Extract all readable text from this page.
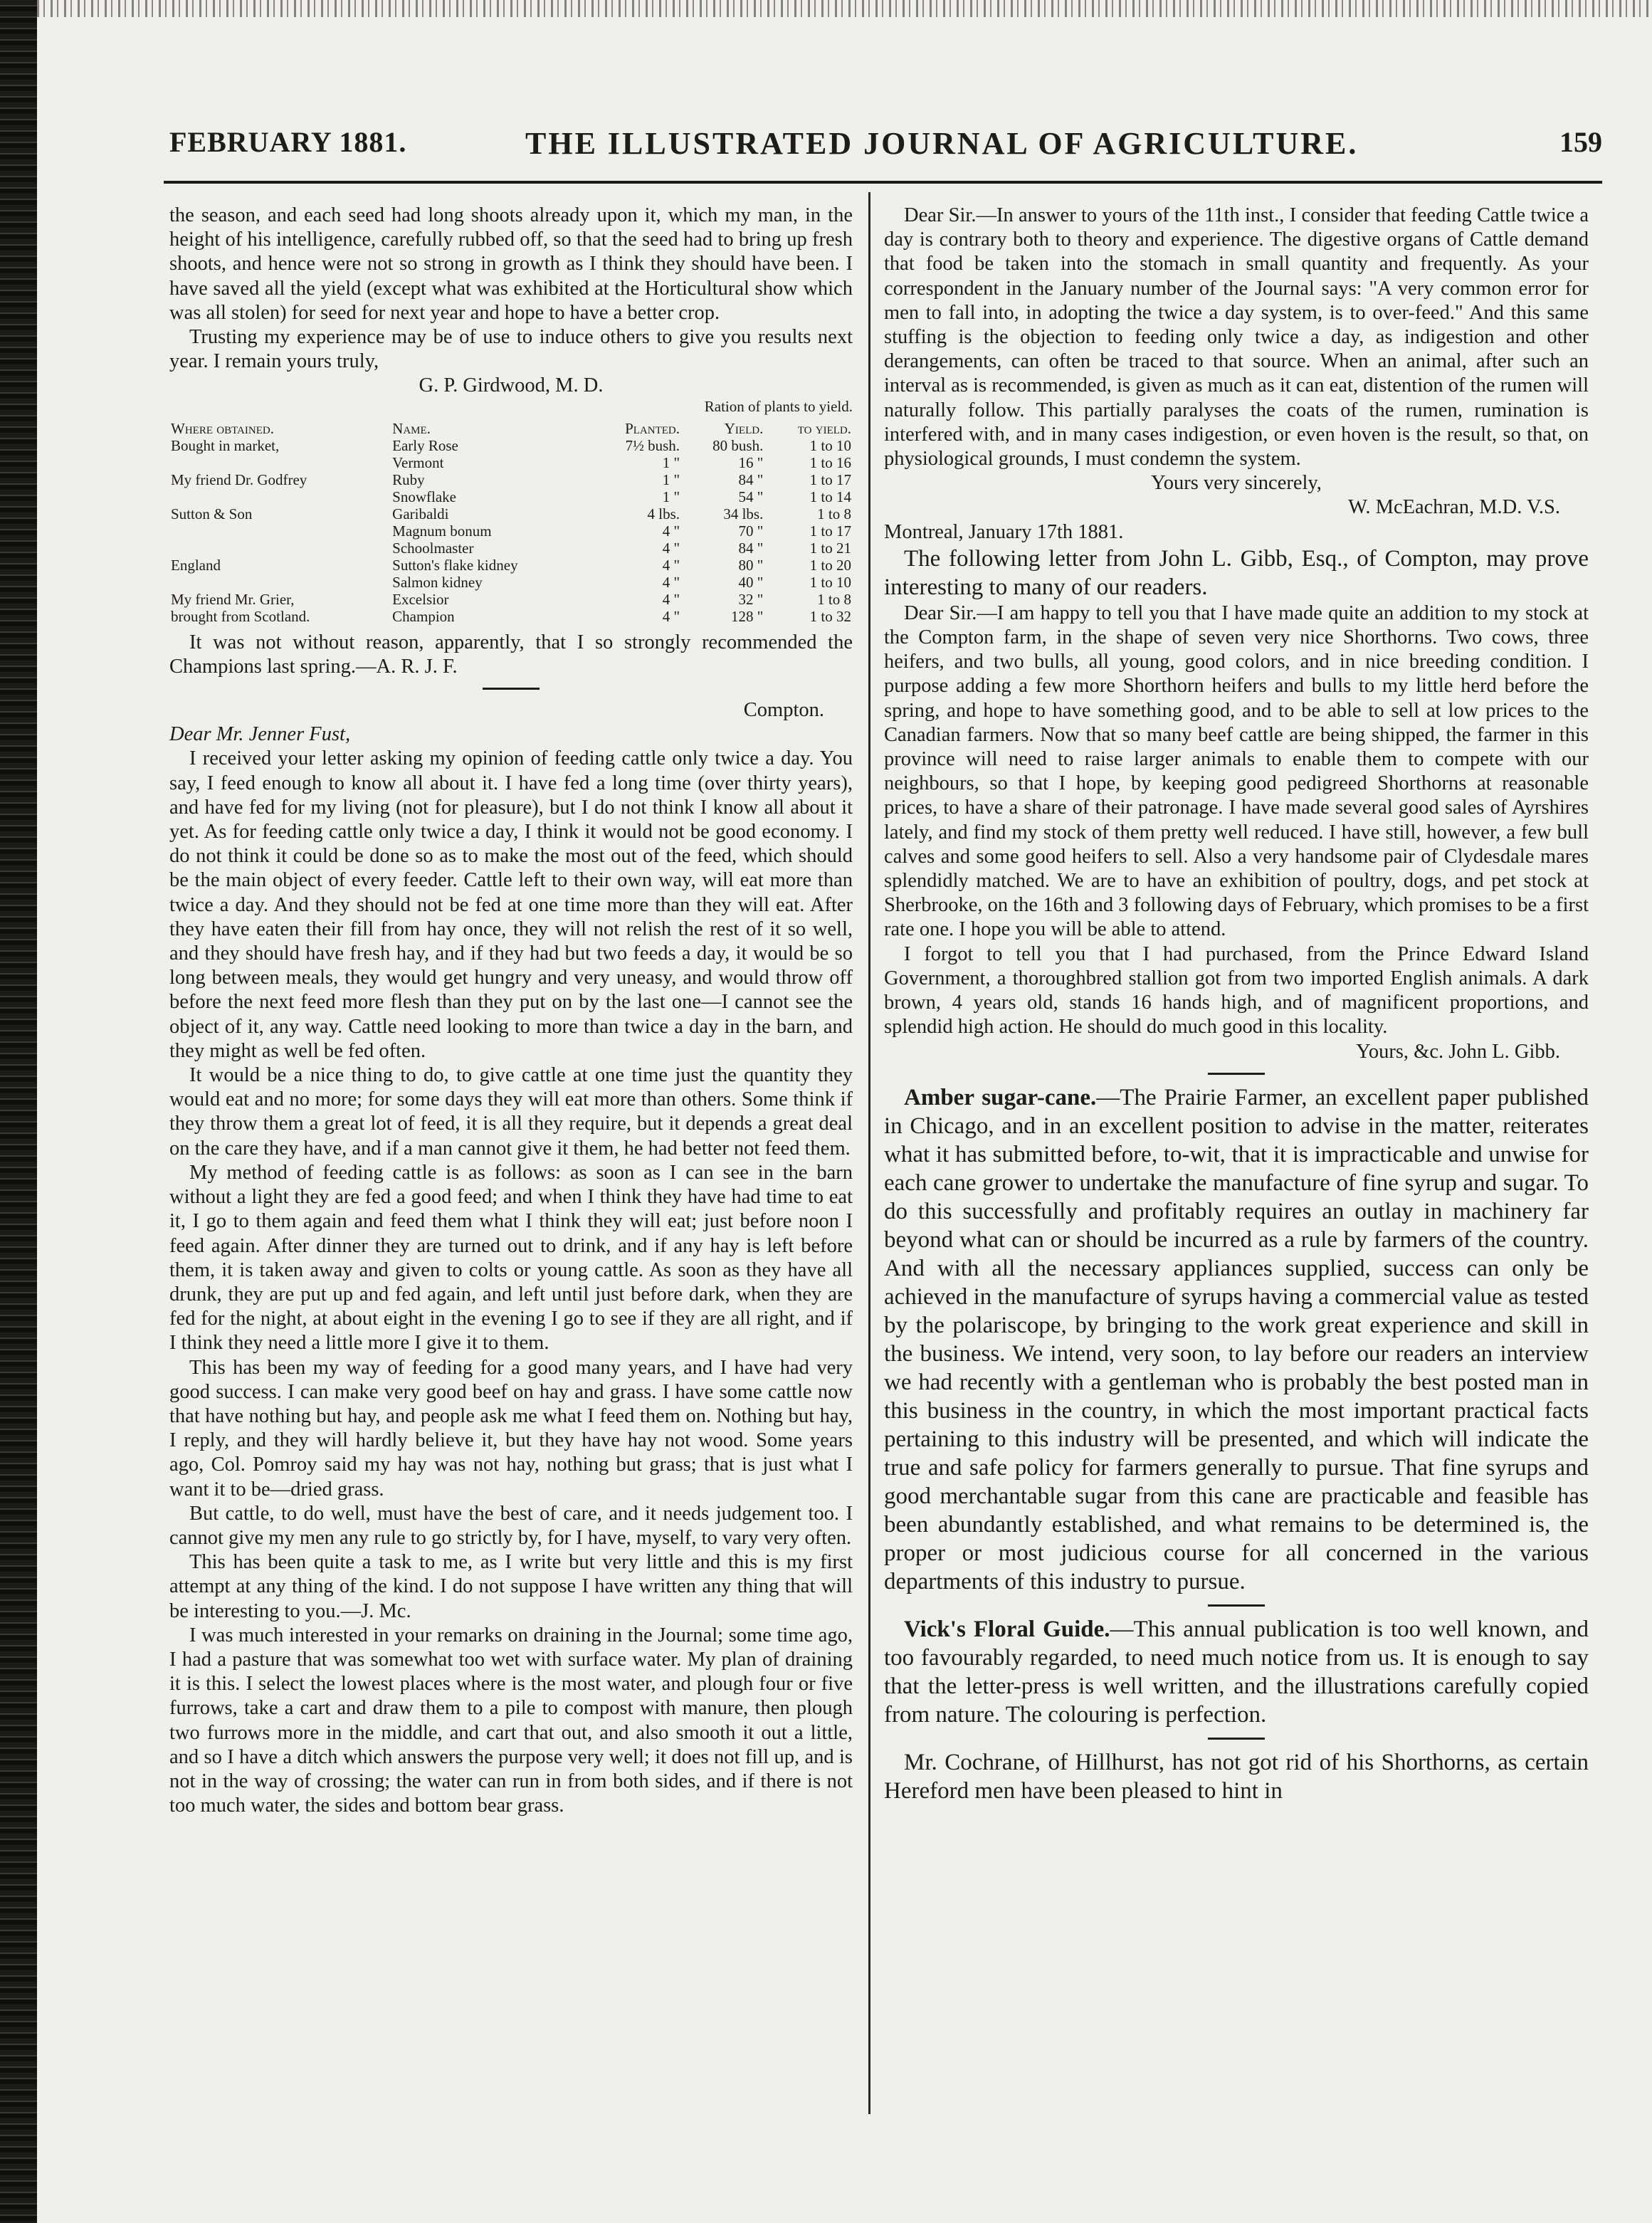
FEBRUARY 1881.	THE ILLUSTRATED JOURNAL OF AGRICULTURE.	159

the season, and each seed had long shoots already upon it, which my man, in the height of his intelligence, carefully rubbed off, so that the seed had to bring up fresh shoots, and hence were not so strong in growth as I think they should have been. I have saved all the yield (except what was exhibited at the Horticultural show which was all stolen) for seed for next year and hope to have a better crop.

Trusting my experience may be of use to induce others to give you results next year. I remain yours truly,

G. P. Girdwood, M. D.

Ration of plants to yield.
Where obtained.	Name.	Planted.	Yield.	to yield.
Bought in market,	Early Rose	7½ bush.	80 bush.	1 to 10
	Vermont	1 "	16 "	1 to 16
My friend Dr. Godfrey	Ruby	1 "	84 "	1 to 17
	Snowflake	1 "	54 "	1 to 14
Sutton & Son	Garibaldi	4 lbs.	34 lbs.	1 to 8
	Magnum bonum	4 "	70 "	1 to 17
	Schoolmaster	4 "	84 "	1 to 21
England	Sutton's flake kidney	4 "	80 "	1 to 20
	Salmon kidney	4 "	40 "	1 to 10
My friend Mr. Grier,	Excelsior	4 "	32 "	1 to 8
brought from Scotland.	Champion	4 "	128 "	1 to 32

It was not without reason, apparently, that I so strongly recommended the Champions last spring.—A. R. J. F.

Compton.

Dear Mr. Jenner Fust,

I received your letter asking my opinion of feeding cattle only twice a day. You say, I feed enough to know all about it. I have fed a long time (over thirty years), and have fed for my living (not for pleasure), but I do not think I know all about it yet. As for feeding cattle only twice a day, I think it would not be good economy. I do not think it could be done so as to make the most out of the feed, which should be the main object of every feeder. Cattle left to their own way, will eat more than twice a day. And they should not be fed at one time more than they will eat. After they have eaten their fill from hay once, they will not relish the rest of it so well, and they should have fresh hay, and if they had but two feeds a day, it would be so long between meals, they would get hungry and very uneasy, and would throw off before the next feed more flesh than they put on by the last one—I cannot see the object of it, any way. Cattle need looking to more than twice a day in the barn, and they might as well be fed often.

It would be a nice thing to do, to give cattle at one time just the quantity they would eat and no more; for some days they will eat more than others. Some think if they throw them a great lot of feed, it is all they require, but it depends a great deal on the care they have, and if a man cannot give it them, he had better not feed them.

My method of feeding cattle is as follows: as soon as I can see in the barn without a light they are fed a good feed; and when I think they have had time to eat it, I go to them again and feed them what I think they will eat; just before noon I feed again. After dinner they are turned out to drink, and if any hay is left before them, it is taken away and given to colts or young cattle. As soon as they have all drunk, they are put up and fed again, and left until just before dark, when they are fed for the night, at about eight in the evening I go to see if they are all right, and if I think they need a little more I give it to them.

This has been my way of feeding for a good many years, and I have had very good success. I can make very good beef on hay and grass. I have some cattle now that have nothing but hay, and people ask me what I feed them on. Nothing but hay, I reply, and they will hardly believe it, but they have hay not wood. Some years ago, Col. Pomroy said my hay was not hay, nothing but grass; that is just what I want it to be—dried grass.

But cattle, to do well, must have the best of care, and it needs judgement too. I cannot give my men any rule to go strictly by, for I have, myself, to vary very often.

This has been quite a task to me, as I write but very little and this is my first attempt at any thing of the kind. I do not suppose I have written any thing that will be interesting to you.—J. Mc.

I was much interested in your remarks on draining in the Journal; some time ago, I had a pasture that was somewhat too wet with surface water. My plan of draining it is this. I select the lowest places where is the most water, and plough four or five furrows, take a cart and draw them to a pile to compost with manure, then plough two furrows more in the middle, and cart that out, and also smooth it out a little, and so I have a ditch which answers the purpose very well; it does not fill up, and is not in the way of crossing; the water can run in from both sides, and if there is not too much water, the sides and bottom bear grass.

Dear Sir.—In answer to yours of the 11th inst., I consider that feeding Cattle twice a day is contrary both to theory and experience. The digestive organs of Cattle demand that food be taken into the stomach in small quantity and frequently. As your correspondent in the January number of the Journal says: "A very common error for men to fall into, in adopting the twice a day system, is to over-feed." And this same stuffing is the objection to feeding only twice a day, as indigestion and other derangements, can often be traced to that source. When an animal, after such an interval as is recommended, is given as much as it can eat, distention of the rumen will naturally follow. This partially paralyses the coats of the rumen, rumination is interfered with, and in many cases indigestion, or even hoven is the result, so that, on physiological grounds, I must condemn the system.

Yours very sincerely,

W. McEachran, M.D. V.S.

Montreal, January 17th 1881.

The following letter from John L. Gibb, Esq., of Compton, may prove interesting to many of our readers.

Dear Sir.—I am happy to tell you that I have made quite an addition to my stock at the Compton farm, in the shape of seven very nice Shorthorns. Two cows, three heifers, and two bulls, all young, good colors, and in nice breeding condition. I purpose adding a few more Shorthorn heifers and bulls to my little herd before the spring, and hope to have something good, and to be able to sell at low prices to the Canadian farmers. Now that so many beef cattle are being shipped, the farmer in this province will need to raise larger animals to enable them to compete with our neighbours, so that I hope, by keeping good pedigreed Shorthorns at reasonable prices, to have a share of their patronage. I have made several good sales of Ayrshires lately, and find my stock of them pretty well reduced. I have still, however, a few bull calves and some good heifers to sell. Also a very handsome pair of Clydesdale mares splendidly matched. We are to have an exhibition of poultry, dogs, and pet stock at Sherbrooke, on the 16th and 3 following days of February, which promises to be a first rate one. I hope you will be able to attend.

I forgot to tell you that I had purchased, from the Prince Edward Island Government, a thoroughbred stallion got from two imported English animals. A dark brown, 4 years old, stands 16 hands high, and of magnificent proportions, and splendid high action. He should do much good in this locality.

Yours, &c. John L. Gibb.

Amber sugar-cane.—The Prairie Farmer, an excellent paper published in Chicago, and in an excellent position to advise in the matter, reiterates what it has submitted before, to-wit, that it is impracticable and unwise for each cane grower to undertake the manufacture of fine syrup and sugar. To do this successfully and profitably requires an outlay in machinery far beyond what can or should be incurred as a rule by farmers of the country. And with all the necessary appliances supplied, success can only be achieved in the manufacture of syrups having a commercial value as tested by the polariscope, by bringing to the work great experience and skill in the business. We intend, very soon, to lay before our readers an interview we had recently with a gentleman who is probably the best posted man in this business in the country, in which the most important practical facts pertaining to this industry will be presented, and which will indicate the true and safe policy for farmers generally to pursue. That fine syrups and good merchantable sugar from this cane are practicable and feasible has been abundantly established, and what remains to be determined is, the proper or most judicious course for all concerned in the various departments of this industry to pursue.

Vick's Floral Guide.—This annual publication is too well known, and too favourably regarded, to need much notice from us. It is enough to say that the letter-press is well written, and the illustrations carefully copied from nature. The colouring is perfection.

Mr. Cochrane, of Hillhurst, has not got rid of his Shorthorns, as certain Hereford men have been pleased to hint in
